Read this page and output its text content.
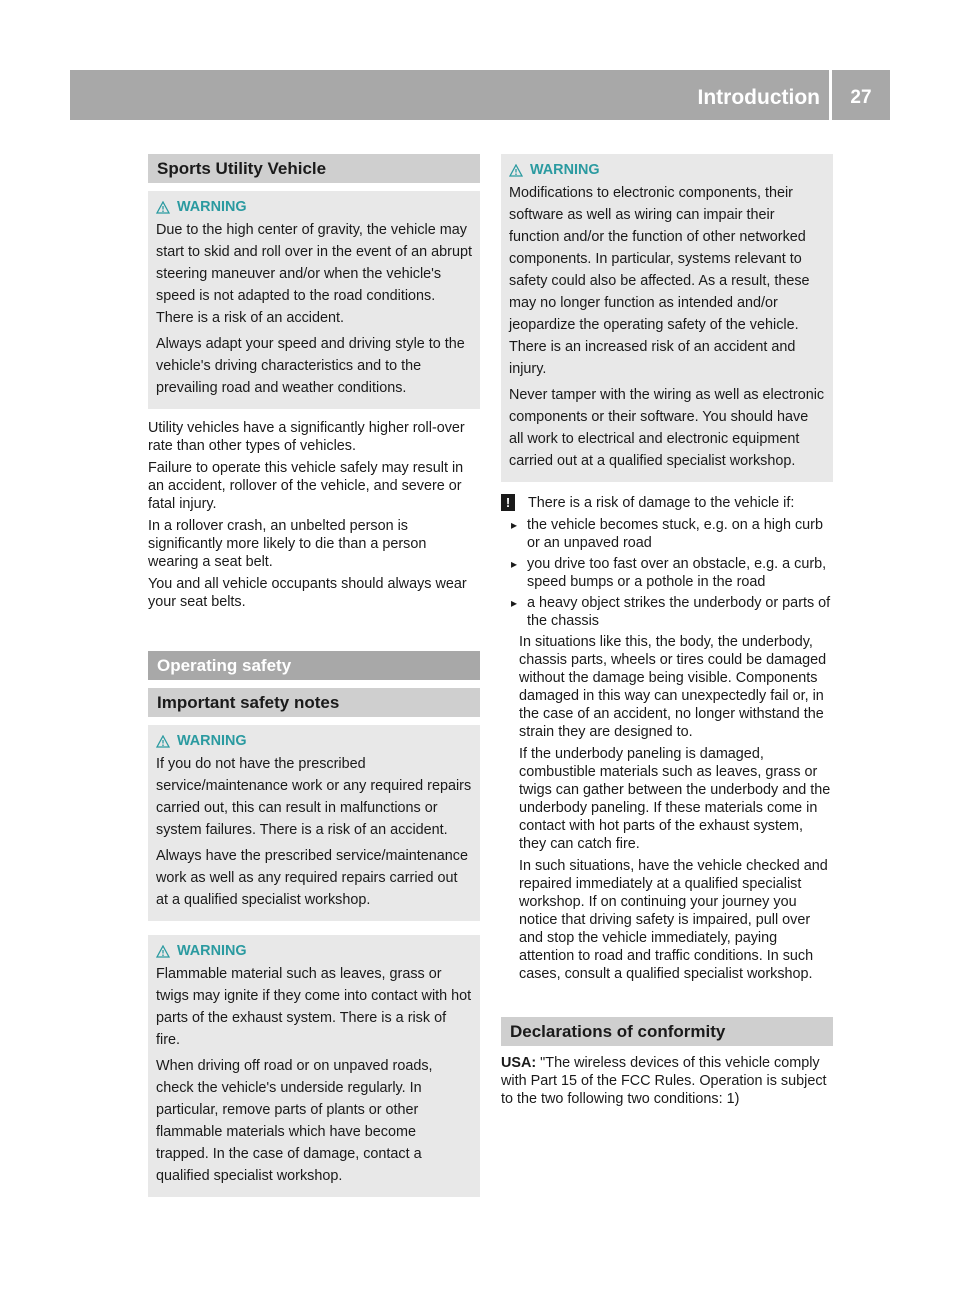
Introduction	27
Sports Utility Vehicle
WARNING

Due to the high center of gravity, the vehicle may start to skid and roll over in the event of an abrupt steering maneuver and/or when the vehicle's speed is not adapted to the road conditions. There is a risk of an accident.

Always adapt your speed and driving style to the vehicle's driving characteristics and to the prevailing road and weather conditions.

Utility vehicles have a significantly higher roll-over rate than other types of vehicles.

Failure to operate this vehicle safely may result in an accident, rollover of the vehicle, and severe or fatal injury.

In a rollover crash, an unbelted person is significantly more likely to die than a person wearing a seat belt.

You and all vehicle occupants should always wear your seat belts.

Operating safety
Important safety notes
WARNING

If you do not have the prescribed service/maintenance work or any required repairs carried out, this can result in malfunctions or system failures. There is a risk of an accident.

Always have the prescribed service/maintenance work as well as any required repairs carried out at a qualified specialist workshop.

WARNING

Flammable material such as leaves, grass or twigs may ignite if they come into contact with hot parts of the exhaust system. There is a risk of fire.

When driving off road or on unpaved roads, check the vehicle's underside regularly. In particular, remove parts of plants or other flammable materials which have become trapped. In the case of damage, contact a qualified specialist workshop.

WARNING

Modifications to electronic components, their software as well as wiring can impair their function and/or the function of other networked components. In particular, systems relevant to safety could also be affected. As a result, these may no longer function as intended and/or jeopardize the operating safety of the vehicle. There is an increased risk of an accident and injury.

Never tamper with the wiring as well as electronic components or their software. You should have all work to electrical and electronic equipment carried out at a qualified specialist workshop.

!	There is a risk of damage to the vehicle if:
▸ the vehicle becomes stuck, e.g. on a high curb or an unpaved road
▸ you drive too fast over an obstacle, e.g. a curb, speed bumps or a pothole in the road
▸ a heavy object strikes the underbody or parts of the chassis

In situations like this, the body, the underbody, chassis parts, wheels or tires could be damaged without the damage being visible. Components damaged in this way can unexpectedly fail or, in the case of an accident, no longer withstand the strain they are designed to.

If the underbody paneling is damaged, combustible materials such as leaves, grass or twigs can gather between the underbody and the underbody paneling. If these materials come in contact with hot parts of the exhaust system, they can catch fire.

In such situations, have the vehicle checked and repaired immediately at a qualified specialist workshop. If on continuing your journey you notice that driving safety is impaired, pull over and stop the vehicle immediately, paying attention to road and traffic conditions. In such cases, consult a qualified specialist workshop.

Declarations of conformity

USA: "The wireless devices of this vehicle comply with Part 15 of the FCC Rules. Operation is subject to the two following two conditions: 1)
